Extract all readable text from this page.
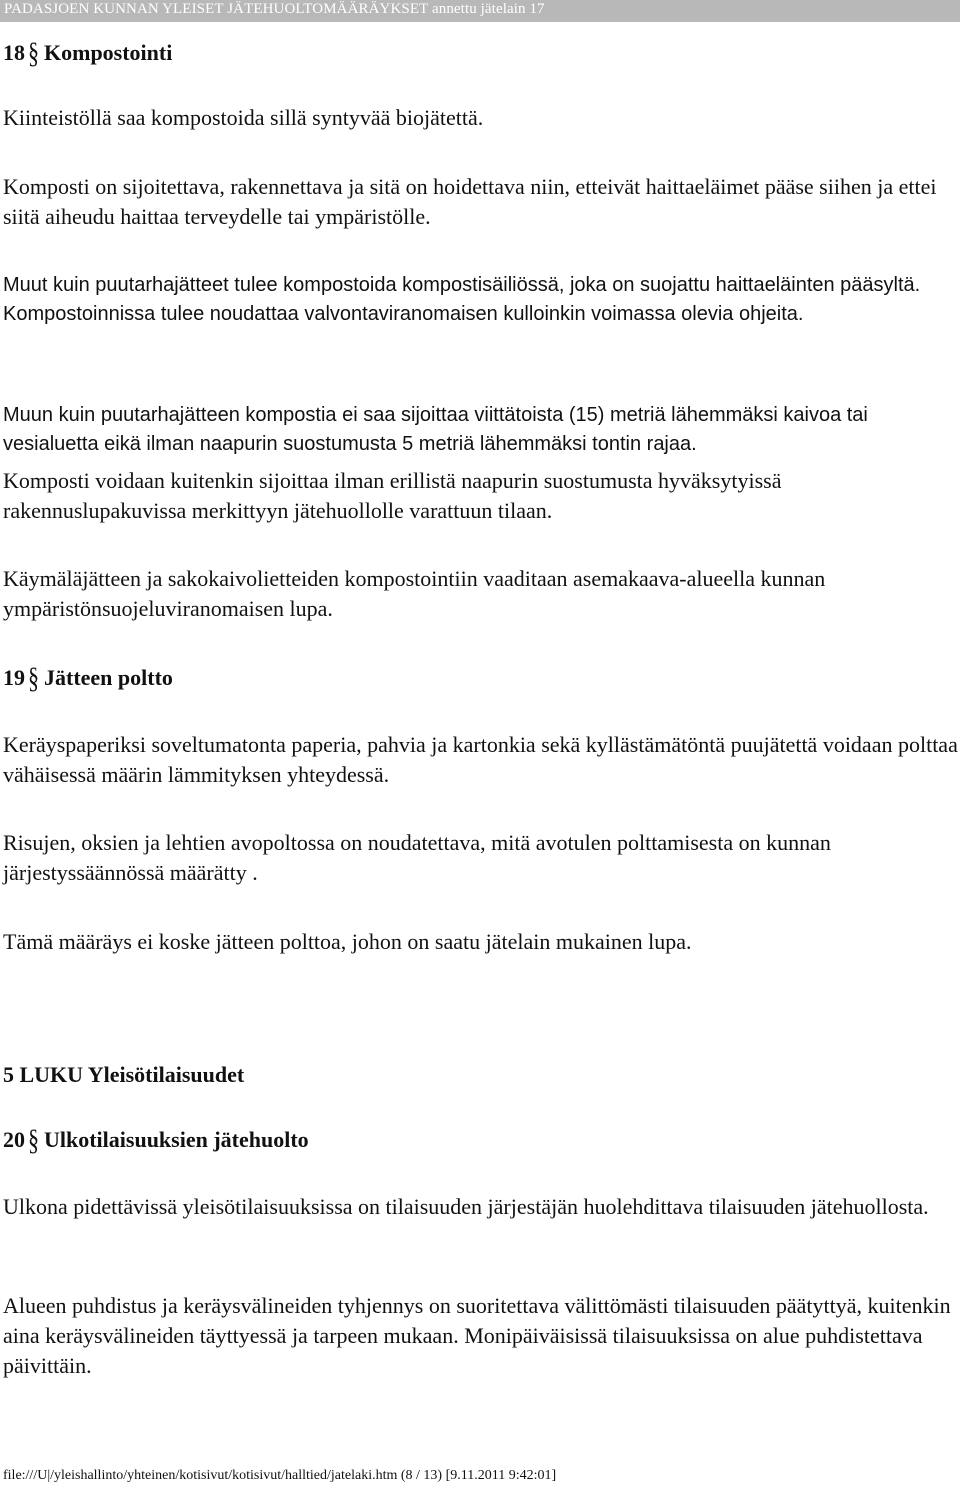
PADASJOEN KUNNAN YLEISET JÄTEHUOLTOMÄÄRÄYKSET annettu jätelain 17
18 § Kompostointi

Kiinteistöllä saa kompostoida sillä syntyvää biojätettä.

Komposti on sijoitettava, rakennettava ja sitä on hoidettava niin, etteivät haittaeläimet pääse siihen ja ettei siitä aiheudu haittaa terveydelle tai ympäristölle.

Muut kuin puutarhajätteet tulee kompostoida kompostisäiliössä, joka on suojattu haittaeläinten pääsyltä. Kompostoinnissa tulee noudattaa valvontaviranomaisen kulloinkin voimassa olevia ohjeita.

Muun kuin puutarhajätteen kompostia ei saa sijoittaa viittätoista (15) metriä lähemmäksi kaivoa tai vesialuetta eikä ilman naapurin suostumusta 5 metriä lähemmäksi tontin rajaa.

Komposti voidaan kuitenkin sijoittaa ilman erillistä naapurin suostumusta hyväksytyissä rakennuslupakuvissa merkittyyn jätehuollolle varattuun tilaan.

Käymäläjätteen ja sakokaivolietteiden kompostointiin vaaditaan asemakaava-alueella kunnan ympäristönsuojeluviranomaisen lupa.

19 § Jätteen poltto

Keräyspaperiksi soveltumatonta paperia, pahvia ja kartonkia sekä kyllästämätöntä puujätettä voidaan polttaa vähäisessä määrin lämmityksen yhteydessä.

Risujen, oksien ja lehtien avopoltossa on noudatettava, mitä avotulen polttamisesta on kunnan järjestyssäännössä määrätty .

Tämä määräys ei koske jätteen polttoa, johon on saatu jätelain mukainen lupa.

5 LUKU Yleisötilaisuudet
20 § Ulkotilaisuuksien jätehuolto

Ulkona pidettävissä yleisötilaisuuksissa on tilaisuuden järjestäjän huolehdittava tilaisuuden jätehuollosta.

Alueen puhdistus ja keräysvälineiden tyhjennys on suoritettava välittömästi tilaisuuden päätyttyä, kuitenkin aina keräysvälineiden täyttyessä ja tarpeen mukaan. Monipäiväisissä tilaisuuksissa on alue puhdistettava päivittäin.

file:///U|/yleishallinto/yhteinen/kotisivut/kotisivut/halltied/jatelaki.htm (8 / 13) [9.11.2011 9:42:01]
